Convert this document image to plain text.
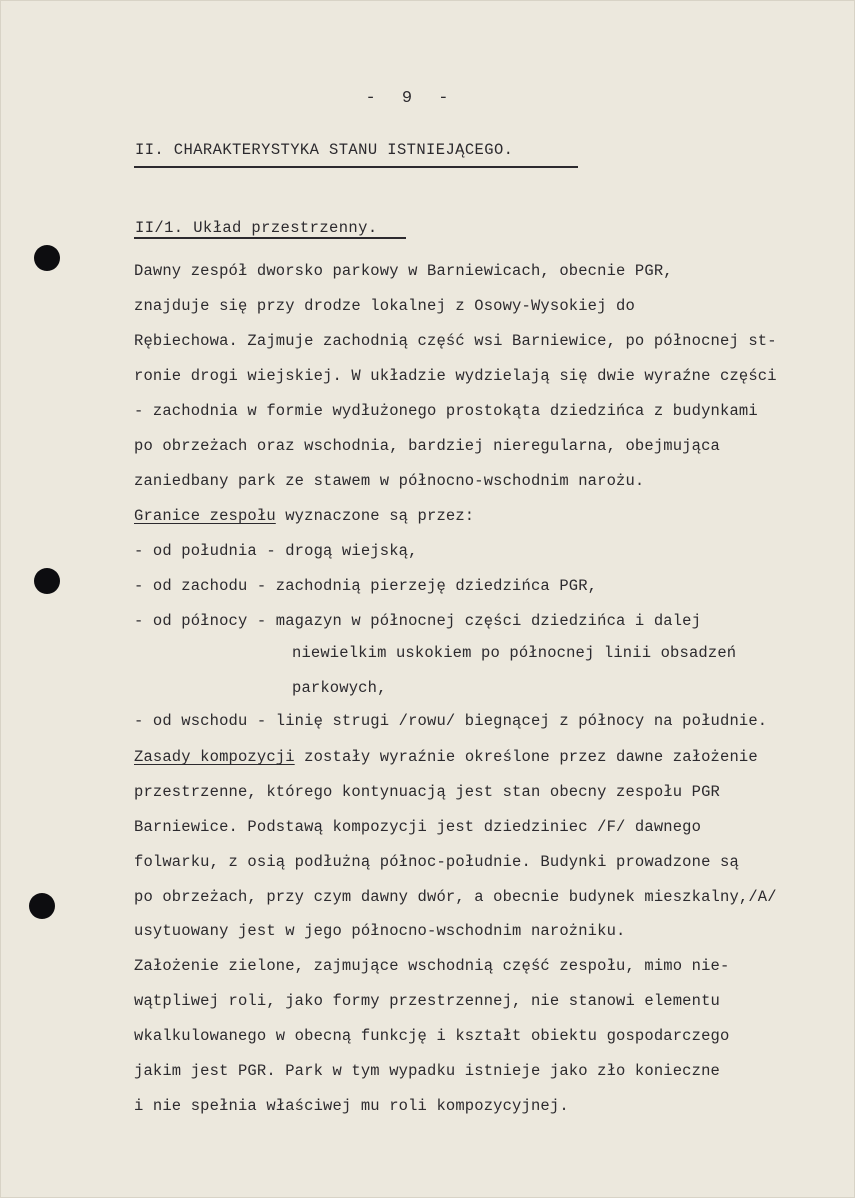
- 9 -
II. CHARAKTERYSTYKA STANU ISTNIEJĄCEGO.
II/1. Układ przestrzenny.
Dawny zespół dworsko parkowy w Barniewicach, obecnie PGR,
znajduje się przy drodze lokalnej z Osowy-Wysokiej do
Rębiechowa. Zajmuje zachodnią część wsi Barniewice, po północnej st-
ronie drogi wiejskiej. W układzie wydzielają się dwie wyraźne części
- zachodnia w formie wydłużonego prostokąta dziedzińca z budynkami
po obrzeżach oraz wschodnia, bardziej nieregularna, obejmująca
zaniedbany park ze stawem w północno-wschodnim narożu.
Granice zespołu wyznaczone są przez:
- od południa - drogą wiejską,
- od zachodu - zachodnią pierzeję dziedzińca PGR,
- od północy - magazyn w północnej części dziedzińca i dalej
niewielkim uskokiem po północnej linii obsadzeń
parkowych,
- od wschodu - linię strugi /rowu/ biegnącej z północy na południe.
Zasady kompozycji zostały wyraźnie określone przez dawne założenie
przestrzenne, którego kontynuacją jest stan obecny zespołu PGR
Barniewice. Podstawą kompozycji jest dziedziniec /F/ dawnego
folwarku, z osią podłużną północ-południe. Budynki prowadzone są
po obrzeżach, przy czym dawny dwór, a obecnie budynek mieszkalny,/A/
usytuowany jest w jego północno-wschodnim narożniku.
Założenie zielone, zajmujące wschodnią część zespołu, mimo nie-
wątpliwej roli, jako formy przestrzennej, nie stanowi elementu
wkalkulowanego w obecną funkcję i kształt obiektu gospodarczego
jakim jest PGR. Park w tym wypadku istnieje jako zło konieczne
i nie spełnia właściwej mu roli kompozycyjnej.
